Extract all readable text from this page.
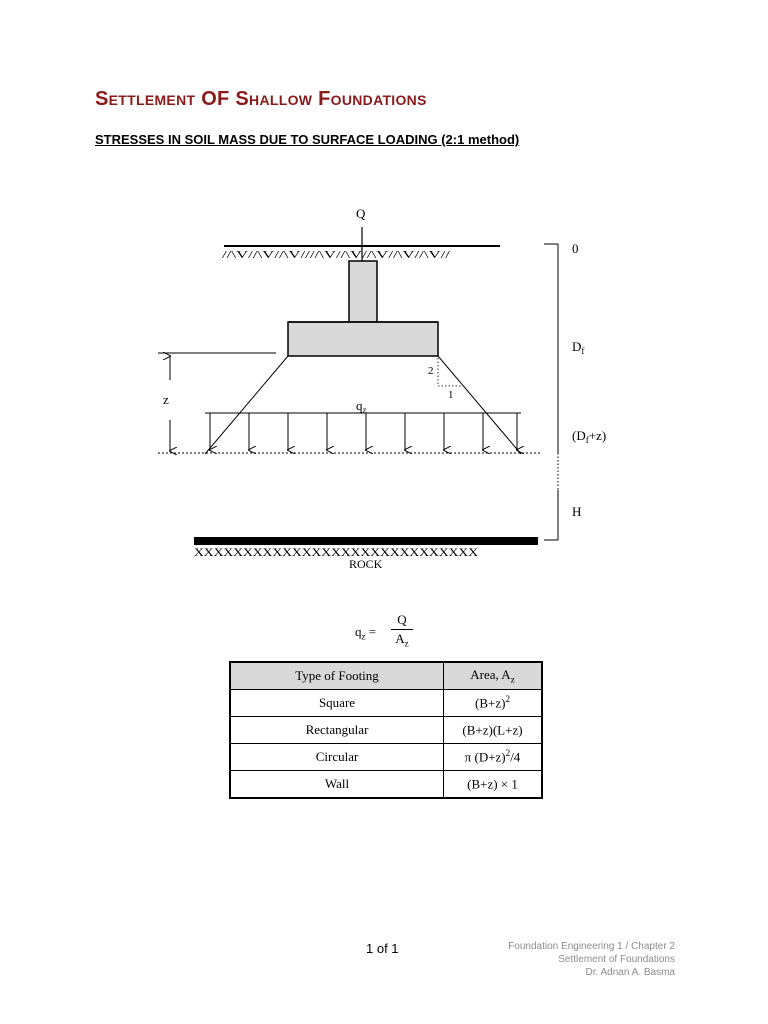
Settlement OF Shallow Foundations
STRESSES IN SOIL MASS DUE TO SURFACE LOADING (2:1 method)
Q
//\V//\V//\V////\V//\V//\V//\V//\V//
2
1
z	$q_z$
0
$D_f$
$(D_f+z)$
H
XXXXXXXXXXXXXXXXXXXXXXXXXXXXX
ROCK
$q_z$ =
Q
$A_z$
Type of Footing	Area, $A_z$
Square	$(B+z)^2$
Rectangular	(B+z)(L+z)
Circular	π $(D+z)^2/4$
Wall	(B+z) × 1
1 of 1	Foundation Engineering 1 / Chapter 2
Settlement of Foundations
Dr. Adnan A. Basma
